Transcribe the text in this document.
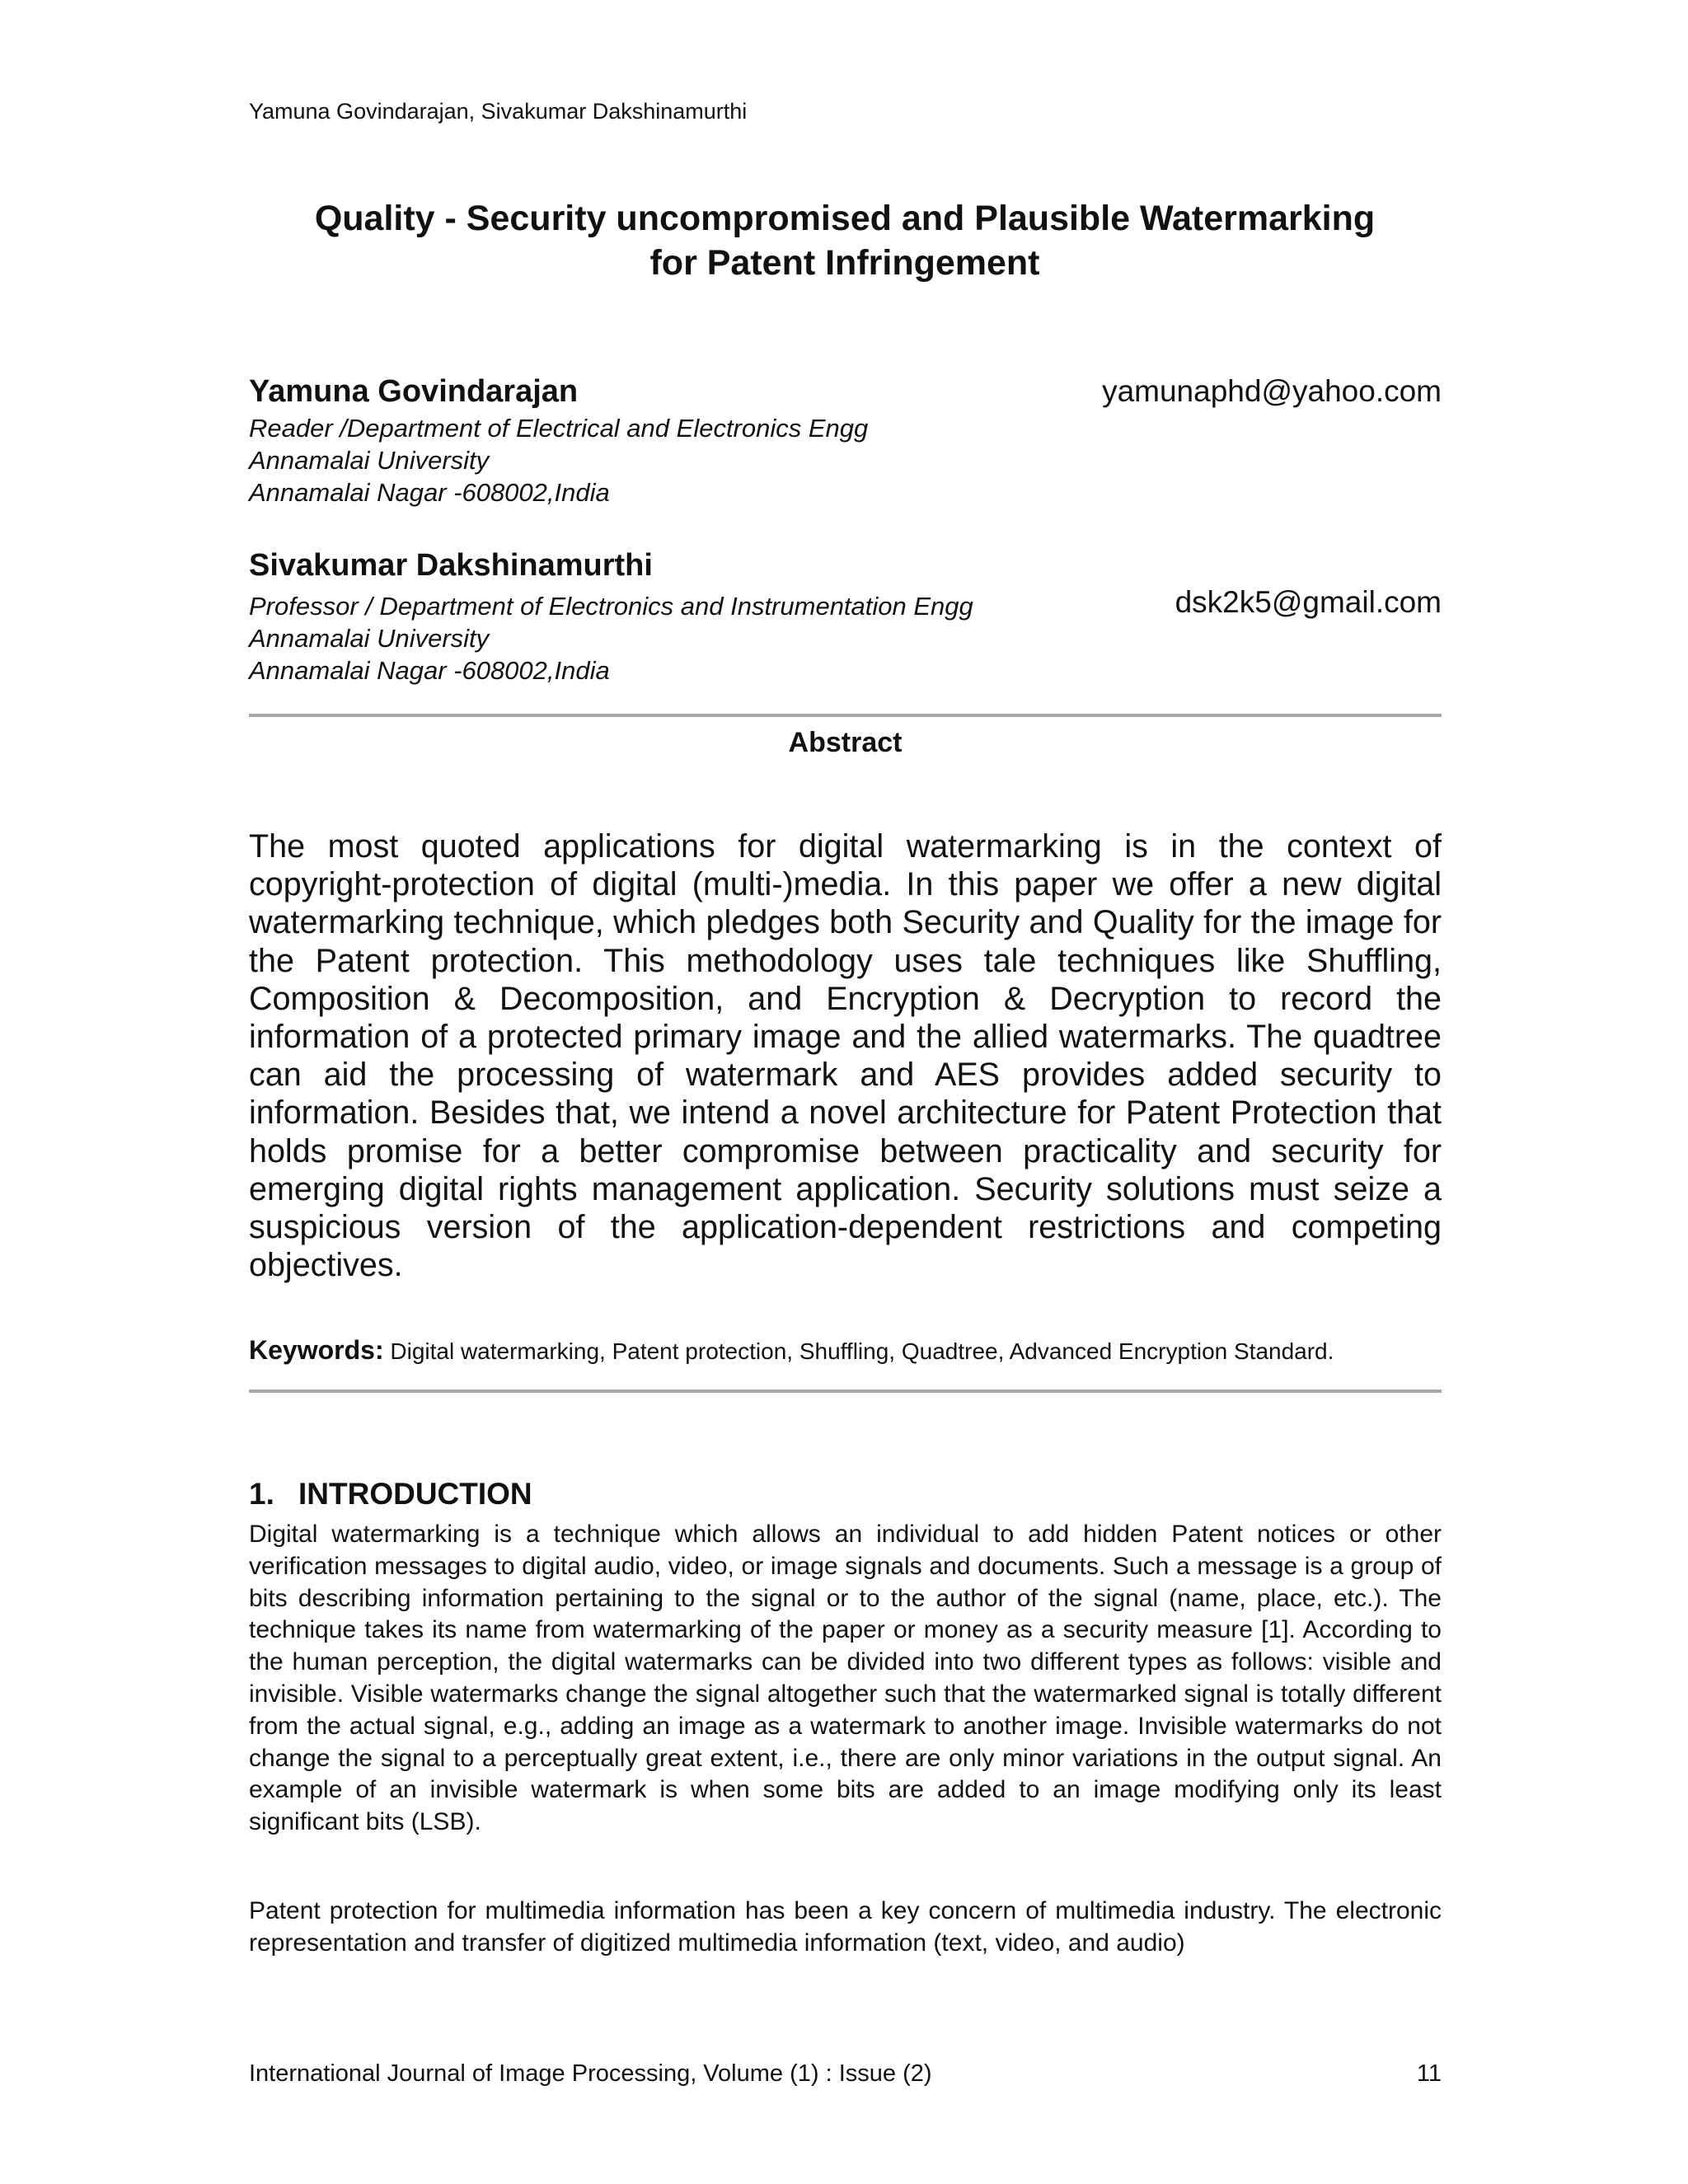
Yamuna Govindarajan, Sivakumar Dakshinamurthi
Quality - Security uncompromised and Plausible Watermarking
for Patent Infringement
Yamuna Govindarajan	yamunaphd@yahoo.com
Reader /Department of Electrical and Electronics Engg
Annamalai University
Annamalai Nagar -608002,India
Sivakumar Dakshinamurthi
dsk2k5@gmail.com
Professor / Department of Electronics and Instrumentation Engg
Annamalai University
Annamalai Nagar -608002,India
Abstract
The most quoted applications for digital watermarking is in the context of copyright-protection of digital (multi-)media. In this paper we offer a new digital watermarking technique, which pledges both Security and Quality for the image for the Patent protection. This methodology uses tale techniques like Shuffling, Composition & Decomposition, and Encryption & Decryption to record the information of a protected primary image and the allied watermarks. The quadtree can aid the processing of watermark and AES provides added security to information. Besides that, we intend a novel architecture for Patent Protection that holds promise for a better compromise between practicality and security for emerging digital rights management application. Security solutions must seize a suspicious version of the application-dependent restrictions and competing objectives.
Keywords: Digital watermarking, Patent protection, Shuffling, Quadtree, Advanced Encryption Standard.
1. INTRODUCTION
Digital watermarking is a technique which allows an individual to add hidden Patent notices or other verification messages to digital audio, video, or image signals and documents. Such a message is a group of bits describing information pertaining to the signal or to the author of the signal (name, place, etc.). The technique takes its name from watermarking of the paper or money as a security measure [1]. According to the human perception, the digital watermarks can be divided into two different types as follows: visible and invisible. Visible watermarks change the signal altogether such that the watermarked signal is totally different from the actual signal, e.g., adding an image as a watermark to another image. Invisible watermarks do not change the signal to a perceptually great extent, i.e., there are only minor variations in the output signal. An example of an invisible watermark is when some bits are added to an image modifying only its least significant bits (LSB).
Patent protection for multimedia information has been a key concern of multimedia industry. The electronic representation and transfer of digitized multimedia information (text, video, and audio)
International Journal of Image Processing, Volume (1) : Issue (2)	11
